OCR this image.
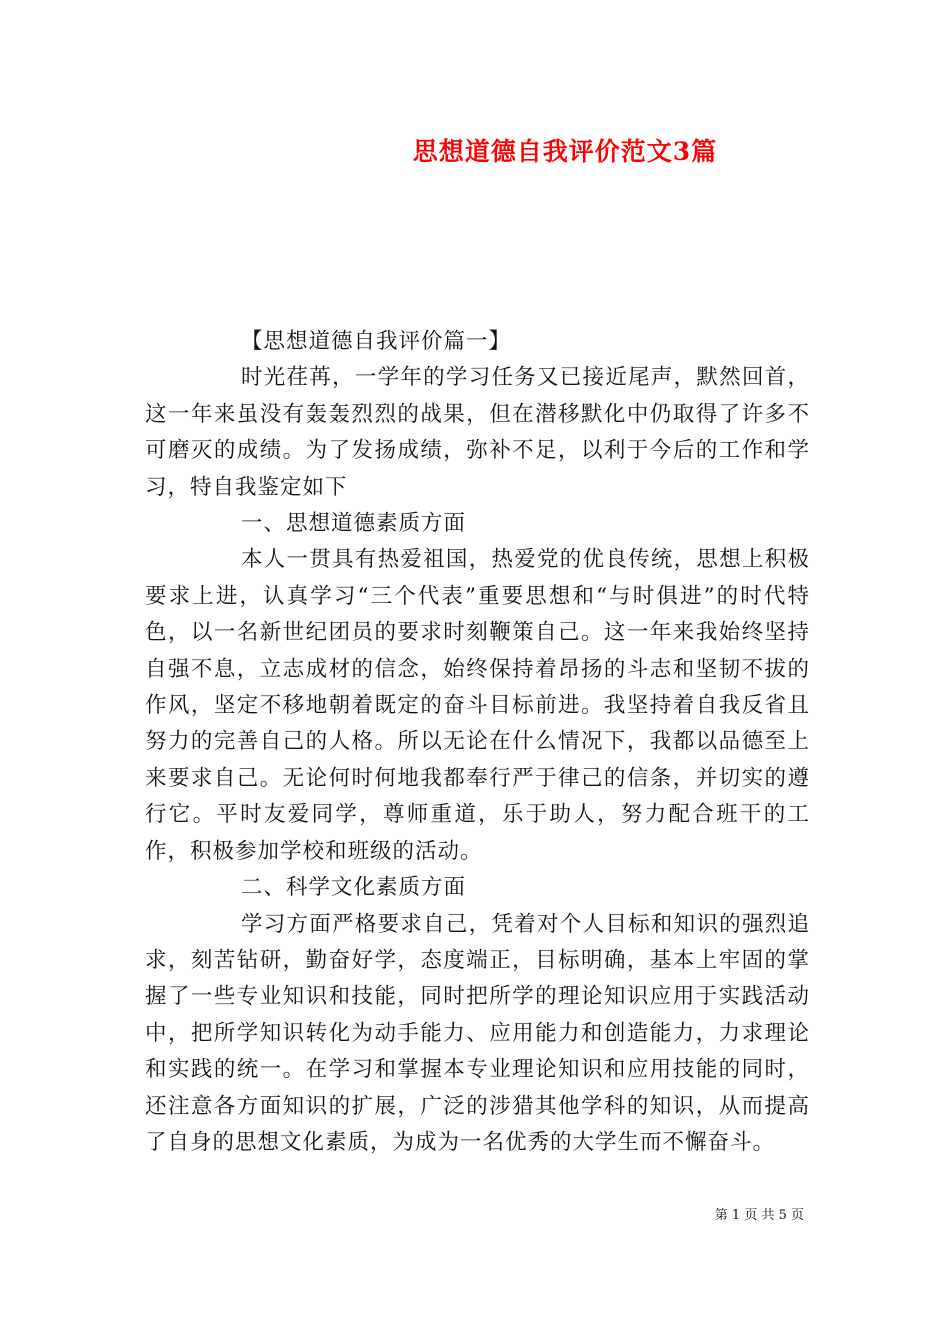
思想道德自我评价范文3篇

【思想道德自我评价篇一】

时光荏苒，一学年的学习任务又已接近尾声，默然回首，这一年来虽没有轰轰烈烈的战果，但在潜移默化中仍取得了许多不可磨灭的成绩。为了发扬成绩，弥补不足，以利于今后的工作和学习，特自我鉴定如下

一、思想道德素质方面

本人一贯具有热爱祖国，热爱党的优良传统，思想上积极要求上进，认真学习“三个代表”重要思想和“与时俱进”的时代特色，以一名新世纪团员的要求时刻鞭策自己。这一年来我始终坚持自强不息，立志成材的信念，始终保持着昂扬的斗志和坚韧不拔的作风，坚定不移地朝着既定的奋斗目标前进。我坚持着自我反省且努力的完善自己的人格。所以无论在什么情况下，我都以品德至上来要求自己。无论何时何地我都奉行严于律己的信条，并切实的遵行它。平时友爱同学，尊师重道，乐于助人，努力配合班干的工作，积极参加学校和班级的活动。

二、科学文化素质方面

学习方面严格要求自己，凭着对个人目标和知识的强烈追求，刻苦钻研，勤奋好学，态度端正，目标明确，基本上牢固的掌握了一些专业知识和技能，同时把所学的理论知识应用于实践活动中，把所学知识转化为动手能力、应用能力和创造能力，力求理论和实践的统一。在学习和掌握本专业理论知识和应用技能的同时，还注意各方面知识的扩展，广泛的涉猎其他学科的知识，从而提高了自身的思想文化素质，为成为一名优秀的大学生而不懈奋斗。

第 1 页 共 5 页
